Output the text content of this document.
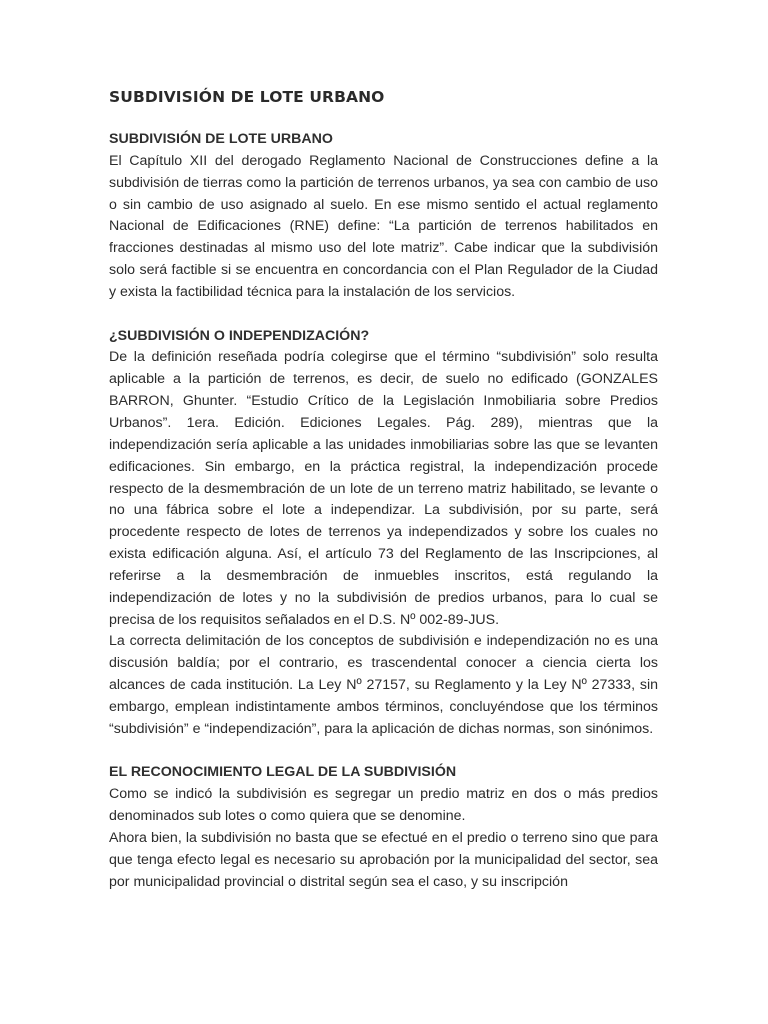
SUBDIVISIÓN DE LOTE URBANO

SUBDIVISIÓN DE LOTE URBANO

El Capítulo XII del derogado Reglamento Nacional de Construcciones define a la subdivisión de tierras como la partición de terrenos urbanos, ya sea con cambio de uso o sin cambio de uso asignado al suelo. En ese mismo sentido el actual reglamento Nacional de Edificaciones (RNE) define: “La partición de terrenos habilitados en fracciones destinadas al mismo uso del lote matriz”. Cabe indicar que la subdivisión solo será factible si se encuentra en concordancia con el Plan Regulador de la Ciudad y exista la factibilidad técnica para la instalación de los servicios.

¿SUBDIVISIÓN O INDEPENDIZACIÓN?

De la definición reseñada podría colegirse que el término “subdivisión” solo resulta aplicable a la partición de terrenos, es decir, de suelo no edificado (GONZALES BARRON, Ghunter. “Estudio Crítico de la Legislación Inmobiliaria sobre Predios Urbanos”. 1era. Edición. Ediciones Legales. Pág. 289), mientras que la independización sería aplicable a las unidades inmobiliarias sobre las que se levanten edificaciones. Sin embargo, en la práctica registral, la independización procede respecto de la desmembración de un lote de un terreno matriz habilitado, se levante o no una fábrica sobre el lote a independizar. La subdivisión, por su parte, será procedente respecto de lotes de terrenos ya independizados y sobre los cuales no exista edificación alguna. Así, el artículo 73 del Reglamento de las Inscripciones, al referirse a la desmembración de inmuebles inscritos, está regulando la independización de lotes y no la subdivisión de predios urbanos, para lo cual se precisa de los requisitos señalados en el D.S. Nº 002-89-JUS.

La correcta delimitación de los conceptos de subdivisión e independización no es una discusión baldía; por el contrario, es trascendental conocer a ciencia cierta los alcances de cada institución. La Ley Nº 27157, su Reglamento y la Ley Nº 27333, sin embargo, emplean indistintamente ambos términos, concluyéndose que los términos “subdivisión” e “independización”, para la aplicación de dichas normas, son sinónimos.

EL RECONOCIMIENTO LEGAL DE LA SUBDIVISIÓN

Como se indicó la subdivisión es segregar un predio matriz en dos o más predios denominados sub lotes o como quiera que se denomine.

Ahora bien, la subdivisión no basta que se efectué en el predio o terreno sino que para que tenga efecto legal es necesario su aprobación por la municipalidad del sector, sea por municipalidad provincial o distrital según sea el caso, y su inscripción
